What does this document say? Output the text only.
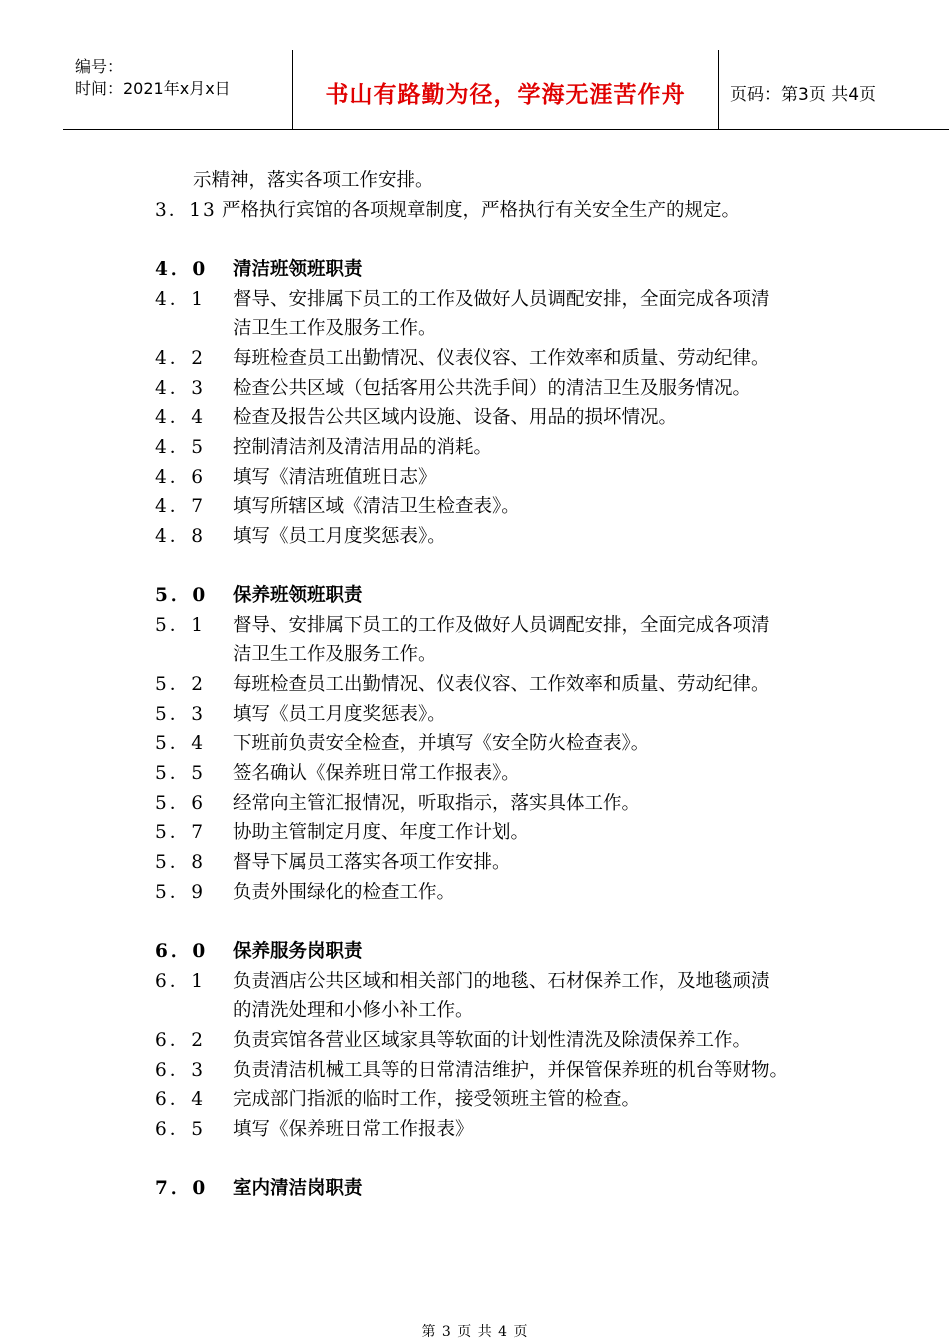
编号：
时间：2021年x月x日	书山有路勤为径，学海无涯苦作舟	页码：第3页 共4页
示精神，落实各项工作安排。
3．13 严格执行宾馆的各项规章制度，严格执行有关安全生产的规定。
4．0 清洁班领班职责
4．1 督导、安排属下员工的工作及做好人员调配安排，全面完成各项清
洁卫生工作及服务工作。
4．2 每班检查员工出勤情况、仪表仪容、工作效率和质量、劳动纪律。
4．3 检查公共区域（包括客用公共洗手间）的清洁卫生及服务情况。
4．4 检查及报告公共区域内设施、设备、用品的损坏情况。
4．5 控制清洁剂及清洁用品的消耗。
4．6 填写《清洁班值班日志》
4．7 填写所辖区域《清洁卫生检查表》。
4．8 填写《员工月度奖惩表》。
5．0 保养班领班职责
5．1 督导、安排属下员工的工作及做好人员调配安排，全面完成各项清
洁卫生工作及服务工作。
5．2 每班检查员工出勤情况、仪表仪容、工作效率和质量、劳动纪律。
5．3 填写《员工月度奖惩表》。
5．4 下班前负责安全检查，并填写《安全防火检查表》。
5．5 签名确认《保养班日常工作报表》。
5．6 经常向主管汇报情况，听取指示，落实具体工作。
5．7 协助主管制定月度、年度工作计划。
5．8 督导下属员工落实各项工作安排。
5．9 负责外围绿化的检查工作。
6．0 保养服务岗职责
6．1 负责酒店公共区域和相关部门的地毯、石材保养工作，及地毯顽渍
的清洗处理和小修小补工作。
6．2 负责宾馆各营业区域家具等软面的计划性清洗及除渍保养工作。
6．3 负责清洁机械工具等的日常清洁维护，并保管保养班的机台等财物。
6．4 完成部门指派的临时工作，接受领班主管的检查。
6．5 填写《保养班日常工作报表》
7．0 室内清洁岗职责
第 3 页 共 4 页
